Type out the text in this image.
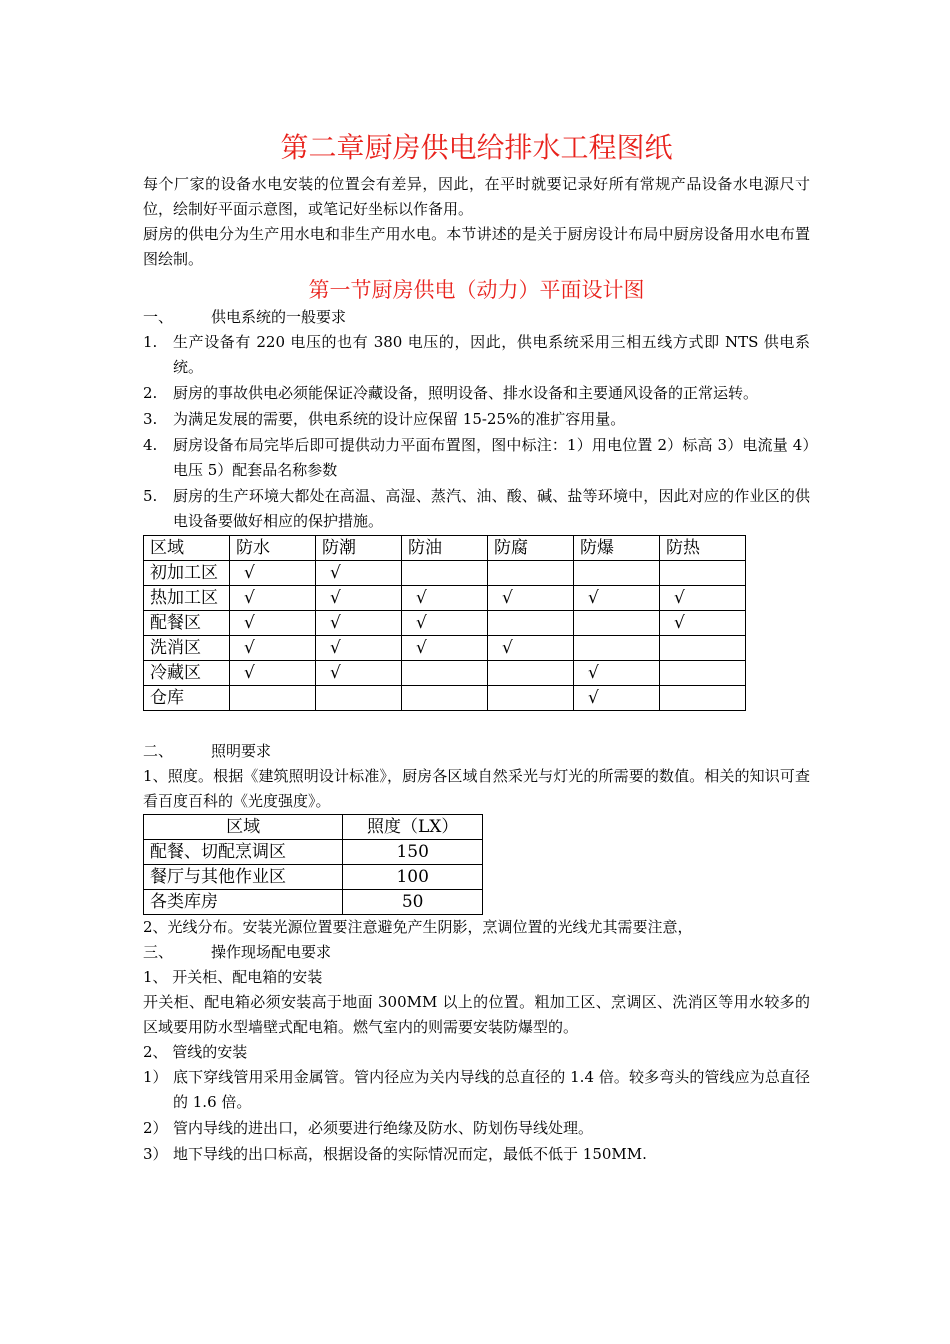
第二章厨房供电给排水工程图纸

每个厂家的设备水电安装的位置会有差异，因此，在平时就要记录好所有常规产品设备水电源尺寸位，绘制好平面示意图，或笔记好坐标以作备用。

厨房的供电分为生产用水电和非生产用水电。本节讲述的是关于厨房设计布局中厨房设备用水电布置图绘制。

第一节厨房供电（动力）平面设计图
一、	供电系统的一般要求
1.	生产设备有 220 电压的也有 380 电压的，因此，供电系统采用三相五线方式即 NTS 供电系统。
2.	厨房的事故供电必须能保证冷藏设备，照明设备、排水设备和主要通风设备的正常运转。
3.	为满足发展的需要，供电系统的设计应保留 15-25%的准扩容用量。
4.	厨房设备布局完毕后即可提供动力平面布置图，图中标注：1）用电位置 2）标高 3）电流量 4）电压 5）配套品名称参数
5.	厨房的生产环境大都处在高温、高湿、蒸汽、油、酸、碱、盐等环境中，因此对应的作业区的供电设备要做好相应的保护措施。
区域	防水	防潮	防油	防腐	防爆	防热
初加工区	√	√				
热加工区	√	√	√	√	√	√
配餐区	√	√	√			√
洗消区	√	√	√	√		
冷藏区	√	√			√	
仓库					√	
二、	照明要求

1、照度。根据《建筑照明设计标准》，厨房各区域自然采光与灯光的所需要的数值。相关的知识可查看百度百科的《光度强度》。

区域	照度（LX）
配餐、切配烹调区	150
餐厅与其他作业区	100
各类库房	50

2、光线分布。安装光源位置要注意避免产生阴影，烹调位置的光线尤其需要注意，

三、	操作现场配电要求

1、 开关柜、配电箱的安装

开关柜、配电箱必须安装高于地面 300MM 以上的位置。粗加工区、烹调区、洗消区等用水较多的区域要用防水型墙壁式配电箱。燃气室内的则需要安装防爆型的。

2、 管线的安装

1） 底下穿线管用采用金属管。管内径应为关内导线的总直径的 1.4 倍。较多弯头的管线应为总直径的 1.6 倍。
2） 管内导线的进出口，必须要进行绝缘及防水、防划伤导线处理。
3） 地下导线的出口标高，根据设备的实际情况而定，最低不低于 150MM.
